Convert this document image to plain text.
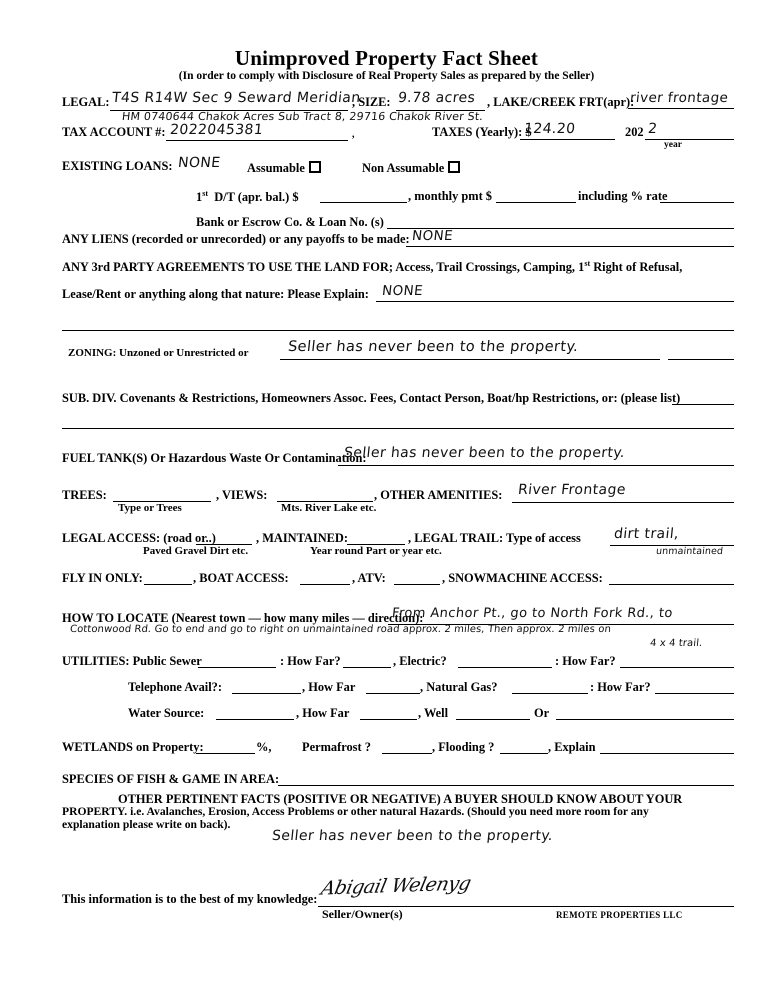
Unimproved Property Fact Sheet
(In order to comply with Disclosure of Real Property Sales as prepared by the Seller)
LEGAL: T4S R14W Sec 9 Seward Meridian
HM 0740644 Chakok Acres Sub Tract 8, 29716 Chakok River St.
, SIZE: 9.78 acres , LAKE/CREEK FRT(apr):
river frontage
TAX ACCOUNT #: 2022045381	,	TAXES (Yearly): $
124.20	202 2
year
EXISTING LOANS: NONE Assumable	Non Assumable
1st D/T (apr. bal.) $	, monthly pmt $	including % rate
Bank or Escrow Co. & Loan No. (s)
ANY LIENS (recorded or unrecorded) or any payoffs to be made: NONE
ANY 3rd PARTY AGREEMENTS TO USE THE LAND FOR; Access, Trail Crossings, Camping, 1st Right of Refusal,
Lease/Rent or anything along that nature: Please Explain: NONE
ZONING: Unzoned or Unrestricted or	Seller has never been to the property.
SUB. DIV. Covenants & Restrictions, Homeowners Assoc. Fees, Contact Person, Boat/hp Restrictions, or: (please list)
FUEL TANK(S) Or Hazardous Waste Or Contamination:
Seller has never been to the property.
TREES:
Type or Trees
, VIEWS:
Mts. River Lake etc.
, OTHER AMENITIES: River Frontage
LEGAL ACCESS: (road or..)
Paved Gravel Dirt etc.
, MAINTAINED:
Year round Part or year etc.
, LEGAL TRAIL: Type of access dirt trail,
unmaintained
FLY IN ONLY:	, BOAT ACCESS:	, ATV:	, SNOWMACHINE ACCESS:
HOW TO LOCATE (Nearest town — how many miles — direction):
From Anchor Pt., go to North Fork Rd., to
Cottonwood Rd. Go to end and go to right on unmaintained road approx. 2 miles, Then approx. 2 miles on
4 x 4 trail.
UTILITIES: Public Sewer	: How Far?	, Electric?	: How Far?
Telephone Avail?:	, How Far	, Natural Gas?	: How Far?
Water Source:	, How Far	, Well	Or
WETLANDS on Property:	%, Permafrost ?	, Flooding ?	, Explain
SPECIES OF FISH & GAME IN AREA:
OTHER PERTINENT FACTS (POSITIVE OR NEGATIVE) A BUYER SHOULD KNOW ABOUT YOUR
PROPERTY. i.e. Avalanches, Erosion, Access Problems or other natural Hazards. (Should you need more room for any
explanation please write on back).
Seller has never been to the property.
This information is to the best of my knowledge: Abigail Welenyg
Seller/Owner(s)	REMOTE PROPERTIES LLC
